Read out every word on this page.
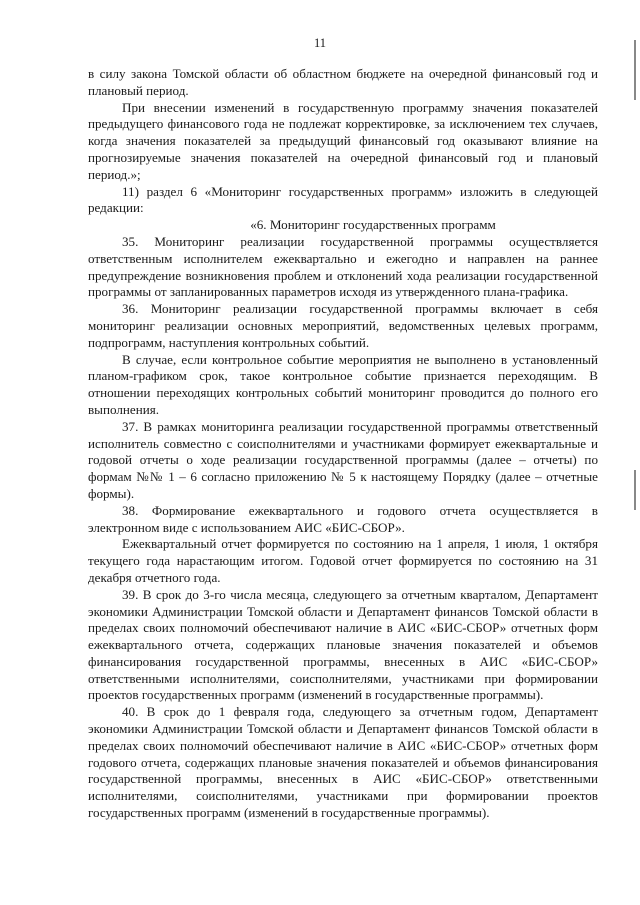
11

в силу закона Томской области об областном бюджете на очередной финансовый год и плановый период.

При внесении изменений в государственную программу значения показателей предыдущего финансового года не подлежат корректировке, за исключением тех случаев, когда значения показателей за предыдущий финансовый год оказывают влияние на прогнозируемые значения показателей на очередной финансовый год и плановый период.»;

11) раздел 6 «Мониторинг государственных программ» изложить в следующей редакции:

«6. Мониторинг государственных программ

35. Мониторинг реализации государственной программы осуществляется ответственным исполнителем ежеквартально и ежегодно и направлен на раннее предупреждение возникновения проблем и отклонений хода реализации государственной программы от запланированных параметров исходя из утвержденного плана-графика.

36. Мониторинг реализации государственной программы включает в себя мониторинг реализации основных мероприятий, ведомственных целевых программ, подпрограмм, наступления контрольных событий.

В случае, если контрольное событие мероприятия не выполнено в установленный планом-графиком срок, такое контрольное событие признается переходящим. В отношении переходящих контрольных событий мониторинг проводится до полного его выполнения.

37. В рамках мониторинга реализации государственной программы ответственный исполнитель совместно с соисполнителями и участниками формирует ежеквартальные и годовой отчеты о ходе реализации государственной программы (далее – отчеты) по формам №№ 1 – 6 согласно приложению № 5 к настоящему Порядку (далее – отчетные формы).

38. Формирование ежеквартального и годового отчета осуществляется в электронном виде с использованием АИС «БИС-СБОР».

Ежеквартальный отчет формируется по состоянию на 1 апреля, 1 июля, 1 октября текущего года нарастающим итогом. Годовой отчет формируется по состоянию на 31 декабря отчетного года.

39. В срок до 3-го числа месяца, следующего за отчетным кварталом, Департамент экономики Администрации Томской области и Департамент финансов Томской области в пределах своих полномочий обеспечивают наличие в АИС «БИС-СБОР» отчетных форм ежеквартального отчета, содержащих плановые значения показателей и объемов финансирования государственной программы, внесенных в АИС «БИС-СБОР» ответственными исполнителями, соисполнителями, участниками при формировании проектов государственных программ (изменений в государственные программы).

40. В срок до 1 февраля года, следующего за отчетным годом, Департамент экономики Администрации Томской области и Департамент финансов Томской области в пределах своих полномочий обеспечивают наличие в АИС «БИС-СБОР» отчетных форм годового отчета, содержащих плановые значения показателей и объемов финансирования государственной программы, внесенных в АИС «БИС-СБОР» ответственными исполнителями, соисполнителями, участниками при формировании проектов государственных программ (изменений в государственные программы).
